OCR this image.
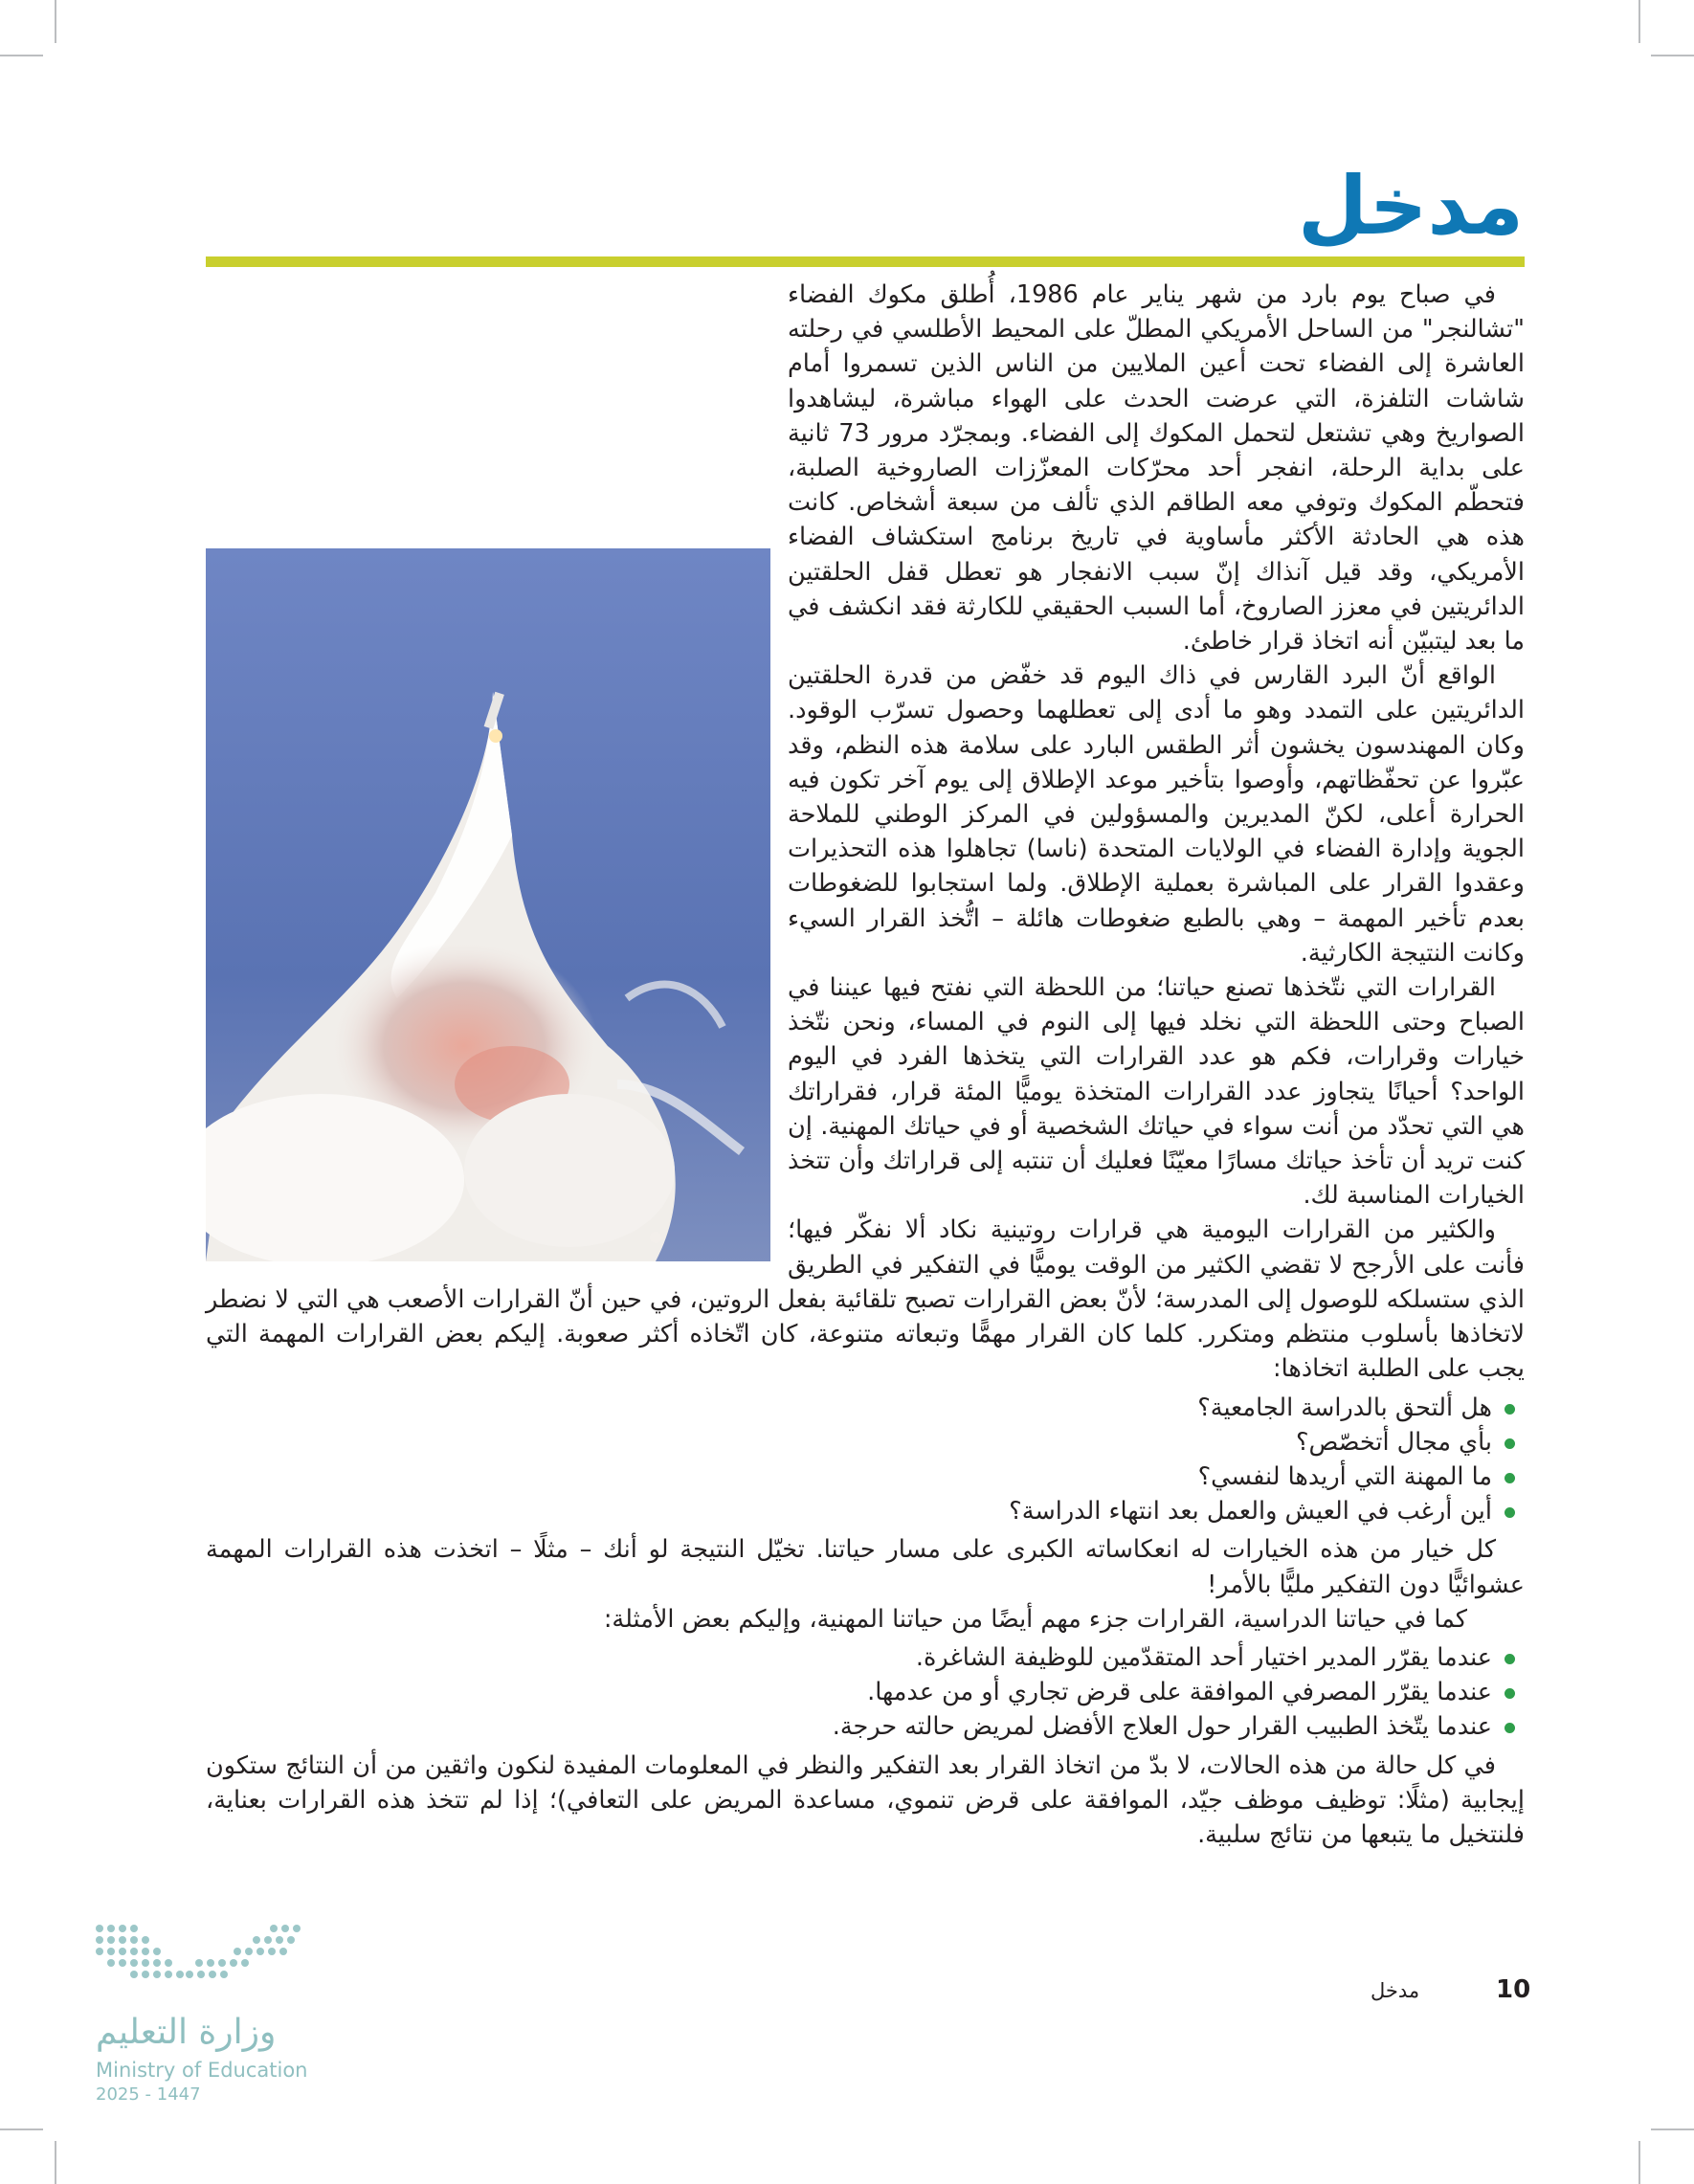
مدخل

في صباح يوم بارد من شهر يناير عام 1986، أُطلق مكوك الفضاء "تشالنجر" من الساحل الأمريكي المطلّ على المحيط الأطلسي في رحلته العاشرة إلى الفضاء تحت أعين الملايين من الناس الذين تسمروا أمام شاشات التلفزة، التي عرضت الحدث على الهواء مباشرة، ليشاهدوا الصواريخ وهي تشتعل لتحمل المكوك إلى الفضاء. وبمجرّد مرور 73 ثانية على بداية الرحلة، انفجر أحد محرّكات المعزّزات الصاروخية الصلبة، فتحطّم المكوك وتوفي معه الطاقم الذي تألف من سبعة أشخاص. كانت هذه هي الحادثة الأكثر مأساوية في تاريخ برنامج استكشاف الفضاء الأمريكي، وقد قيل آنذاك إنّ سبب الانفجار هو تعطل قفل الحلقتين الدائريتين في معزز الصاروخ، أما السبب الحقيقي للكارثة فقد انكشف في ما بعد ليتبيّن أنه اتخاذ قرار خاطئ.

الواقع أنّ البرد القارس في ذاك اليوم قد خفّض من قدرة الحلقتين الدائريتين على التمدد وهو ما أدى إلى تعطلهما وحصول تسرّب الوقود. وكان المهندسون يخشون أثر الطقس البارد على سلامة هذه النظم، وقد عبّروا عن تحفّظاتهم، وأوصوا بتأخير موعد الإطلاق إلى يوم آخر تكون فيه الحرارة أعلى، لكنّ المديرين والمسؤولين في المركز الوطني للملاحة الجوية وإدارة الفضاء في الولايات المتحدة (ناسا) تجاهلوا هذه التحذيرات وعقدوا القرار على المباشرة بعملية الإطلاق. ولما استجابوا للضغوطات بعدم تأخير المهمة – وهي بالطبع ضغوطات هائلة – اتُّخذ القرار السيء وكانت النتيجة الكارثية.

القرارات التي نتّخذها تصنع حياتنا؛ من اللحظة التي نفتح فيها عيننا في الصباح وحتى اللحظة التي نخلد فيها إلى النوم في المساء، ونحن نتّخذ خيارات وقرارات، فكم هو عدد القرارات التي يتخذها الفرد في اليوم الواحد؟ أحيانًا يتجاوز عدد القرارات المتخذة يوميًّا المئة قرار، فقراراتك هي التي تحدّد من أنت سواء في حياتك الشخصية أو في حياتك المهنية. إن كنت تريد أن تأخذ حياتك مسارًا معيّنًا فعليك أن تنتبه إلى قراراتك وأن تتخذ الخيارات المناسبة لك.

والكثير من القرارات اليومية هي قرارات روتينية نكاد ألا نفكّر فيها؛ فأنت على الأرجح لا تقضي الكثير من الوقت يوميًّا في التفكير في الطريق الذي ستسلكه للوصول إلى المدرسة؛ لأنّ بعض القرارات تصبح تلقائية بفعل الروتين، في حين أنّ القرارات الأصعب هي التي لا نضطر لاتخاذها بأسلوب منتظم ومتكرر. كلما كان القرار مهمًّا وتبعاته متنوعة، كان اتّخاذه أكثر صعوبة. إليكم بعض القرارات المهمة التي يجب على الطلبة اتخاذها:

هل ألتحق بالدراسة الجامعية؟
بأي مجال أتخصّص؟
ما المهنة التي أريدها لنفسي؟
أين أرغب في العيش والعمل بعد انتهاء الدراسة؟

كل خيار من هذه الخيارات له انعكاساته الكبرى على مسار حياتنا. تخيّل النتيجة لو أنك – مثلًا – اتخذت هذه القرارات المهمة عشوائيًّا دون التفكير مليًّا بالأمر!

كما في حياتنا الدراسية، القرارات جزء مهم أيضًا من حياتنا المهنية، وإليكم بعض الأمثلة:

عندما يقرّر المدير اختيار أحد المتقدّمين للوظيفة الشاغرة.
عندما يقرّر المصرفي الموافقة على قرض تجاري أو من عدمها.
عندما يتّخذ الطبيب القرار حول العلاج الأفضل لمريض حالته حرجة.

في كل حالة من هذه الحالات، لا بدّ من اتخاذ القرار بعد التفكير والنظر في المعلومات المفيدة لنكون واثقين من أن النتائج ستكون إيجابية (مثلًا: توظيف موظف جيّد، الموافقة على قرض تنموي، مساعدة المريض على التعافي)؛ إذا لم تتخذ هذه القرارات بعناية، فلنتخيل ما يتبعها من نتائج سلبية.

10
مدخل
وزارة التعليم
Ministry of Education
2025 - 1447
